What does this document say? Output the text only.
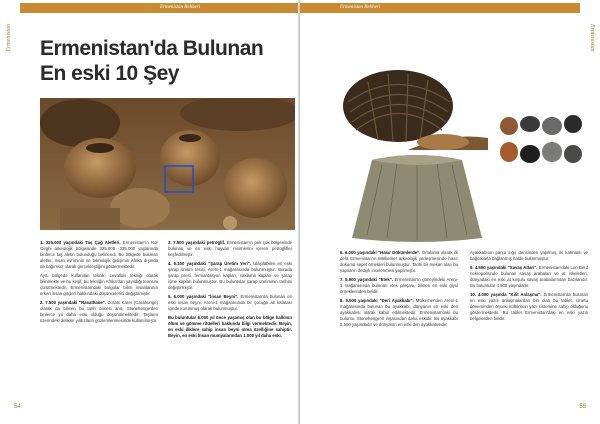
Ermenistan Rehberi
Ermenistan Ermenistan'da Bulunan
En eski 10 Şey

1. 325.000 yaşındaki Taş Çağ Aletleri. Ermenistan'ın Nor Geghi arkeolojik bölgesinde 325.000 -335.000 yaşlarında binlerce taş aletin bulunduğu belirlendi. Bu bölgede bulunan aletler, insan evriminin ve teknolojik gelişimin Afrika dışında da bağımsız olarak gerçekleştiğini göstermektedir.

Aynı bölgede kullanılan teknik, Levallois tekniği olarak bilinmekte ve bu keşif, bu tekniğin Afrika'dan yayıldığı teorisini çürütmektedir. Ermenistan'daki bulgular bilim insanlarının erken insan göçleri hakkındaki düşüncelerini değiştirmiştir.

2. 7.500 yaşındaki "Rasathane". Zorats Karer (Carahunge) olarak da bilinen bu tarih öncesi anıt, Stonehenge'den binlerce yıl daha eski olduğu düşünülmektedir. Taşların üzerindeki delikler yıldızların gözlemlenmesinde kullanılmıştır.

3. 7.500 yaşındaki petroglif. Ermenistan'ın pek çok bölgesinde bulunan ve en eski hayvan resimlerini içeren petroglifler keşfedilmiştir.

4. 6.100 yaşındaki "Şarap Üretim Yeri". Ulaşılabilen en eski şarap üretim tesisi, Areni-1 mağarasında bulunmuştur. Burada şarap presi, fermantasyon kapları, saklama kapları ve şarap içme kapları bulunmuştur. Bu buluntular şarap üretiminin tarihini değiştirmiştir.

5. 6.000 yaşındaki "İnsan Beyni". Ermenistan'da bulunan en eski insan beyni, Areni-1 mağarasında bir çocuğa ait kafatası içinde korunmuş olarak bulunmuştur.

Bu buluntular 6.000 yıl önce yaşamış olan bu bölge halkının ölüm ve gömme ritüelleri hakkında bilgi vermektedir. Beyin, en eski iliklere sahip insan beyni olma özelliğine sahiptir. Beyin, en eski İnsan mumyalarından 1.000 yıl daha eski.

54
Ermenistan Rehberi
Ermenistan

6. 6.000 yaşındaki "Hasır Dökümlerde". Ortalama olarak ilk defa Ermenistan'ın Mülkemer arkeolojik yerleşmesinde hasır dokuma sepet örnekleri bulunmuştur. Tarihi bir mekan olan bu yapıların detaylı incelenmesi yapılmıştır.

7. 5.900 yaşındaki "Etek". Ermenistan'ın güneyindeki Areni-1 mağarasında bulunan etek parçası, bilinen en eski giysi örneklerinden biridir.

8. 5.500 yaşındaki "Deri Ayakkabı". Mülkemer'den Areni-1 mağarasında bulunan bu ayakkabı, dünyanın en eski deri ayakkabısı olarak kabul edilmektedir. Ermenistan'daki bu buluntu, Stonehenge'in inşasından daha eskidir. Bu ayakkabı 5.500 yaşındadır ve dünyanın en eski deri ayakkabısıdır.

Ayakkabının parça sığır derisinden yapılmış, iki katmanlı ve bağcıklarla bağlanmış halde bulunmuştur.

9. 4.500 yaşındaki "Savaş Atları". Ermenistan'daki Lori Berd nekropolisinde bulunan savaş arabaları ve at iskeletleri, dünyadaki en eski at koşulu savaş arabalarından bazılarıdır. Bu buluntular 4.500 yaşındadır.

10. 4.000 yaşında "Kilit Anlaşma". Ermenistan'da bulunan en eski yazılı anlaşmalardan biri olan bu tablet, Urartu döneminden önceki kültürlerin yazı sistemine sahip olduğunu göstermektedir. Bu tablet Ermenistan'daki en eski yazılı belgelerden biridir.

55
